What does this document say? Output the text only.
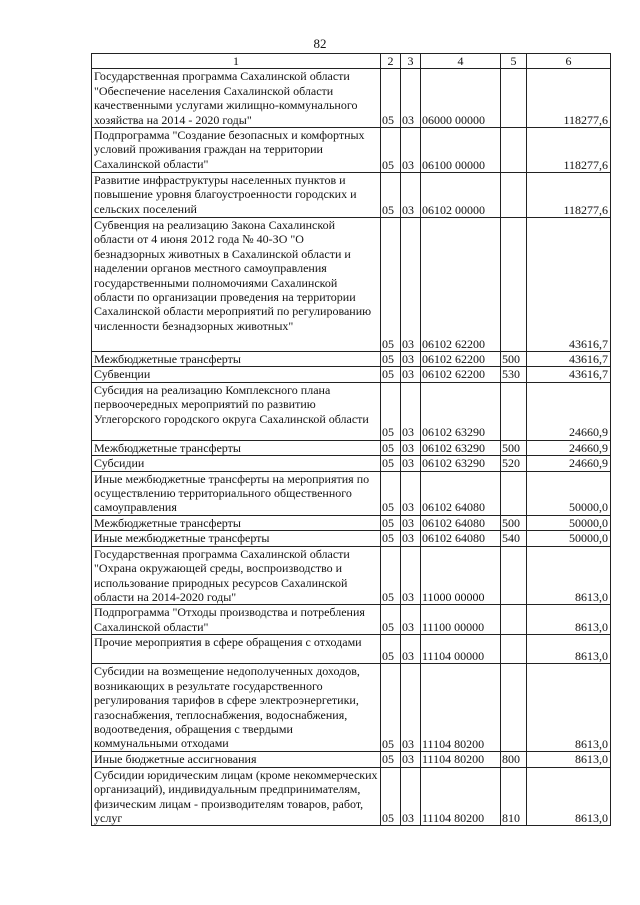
82
1	2	3	4	5	6
Государственная программа Сахалинской области "Обеспечение населения Сахалинской области качественными услугами жилищно-коммунального хозяйства на 2014 - 2020 годы"	05	03	06000 00000		118277,6
Подпрограмма "Создание безопасных и комфортных условий проживания граждан на территории Сахалинской области"	05	03	06100 00000		118277,6
Развитие инфраструктуры населенных пунктов и повышение уровня благоустроенности городских и сельских поселений	05	03	06102 00000		118277,6
Субвенция на реализацию Закона Сахалинской области от 4 июня 2012 года № 40-ЗО "О безнадзорных животных в Сахалинской области и наделении органов местного самоуправления государственными полномочиями Сахалинской области по организации проведения на территории Сахалинской области мероприятий по регулированию численности безнадзорных животных"	05	03	06102 62200		43616,7
Межбюджетные трансферты	05	03	06102 62200	500	43616,7
Субвенции	05	03	06102 62200	530	43616,7
Субсидия на реализацию Комплексного плана первоочередных мероприятий по развитию Углегорского городского округа Сахалинской области	05	03	06102 63290		24660,9
Межбюджетные трансферты	05	03	06102 63290	500	24660,9
Субсидии	05	03	06102 63290	520	24660,9
Иные межбюджетные трансферты на мероприятия по осуществлению территориального общественного самоуправления	05	03	06102 64080		50000,0
Межбюджетные трансферты	05	03	06102 64080	500	50000,0
Иные межбюджетные трансферты	05	03	06102 64080	540	50000,0
Государственная программа Сахалинской области "Охрана окружающей среды, воспроизводство и использование природных ресурсов Сахалинской области на 2014-2020 годы"	05	03	11000 00000		8613,0
Подпрограмма "Отходы производства и потребления Сахалинской области"	05	03	11100 00000		8613,0
Прочие мероприятия в сфере обращения с отходами	05	03	11104 00000		8613,0
Субсидии на возмещение недополученных доходов, возникающих в результате государственного регулирования тарифов в сфере электроэнергетики, газоснабжения, теплоснабжения, водоснабжения, водоотведения, обращения с твердыми коммунальными отходами	05	03	11104 80200		8613,0
Иные бюджетные ассигнования	05	03	11104 80200	800	8613,0
Субсидии юридическим лицам (кроме некоммерческих организаций), индивидуальным предпринимателям, физическим лицам - производителям товаров, работ, услуг	05	03	11104 80200	810	8613,0
